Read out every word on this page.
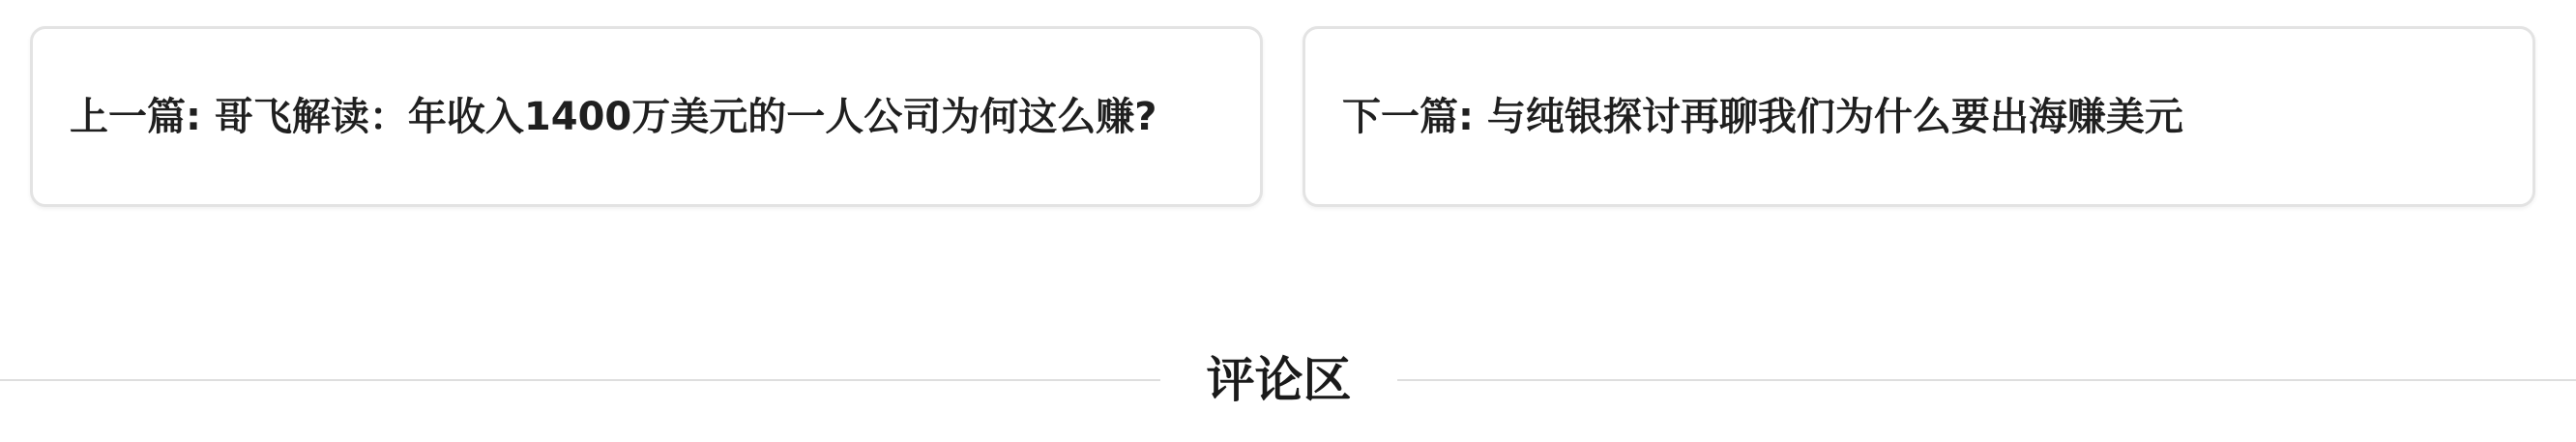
上一篇: 哥飞解读：年收入1400万美元的一人公司为何这么赚?	下一篇: 与纯银探讨再聊我们为什么要出海赚美元
评论区
